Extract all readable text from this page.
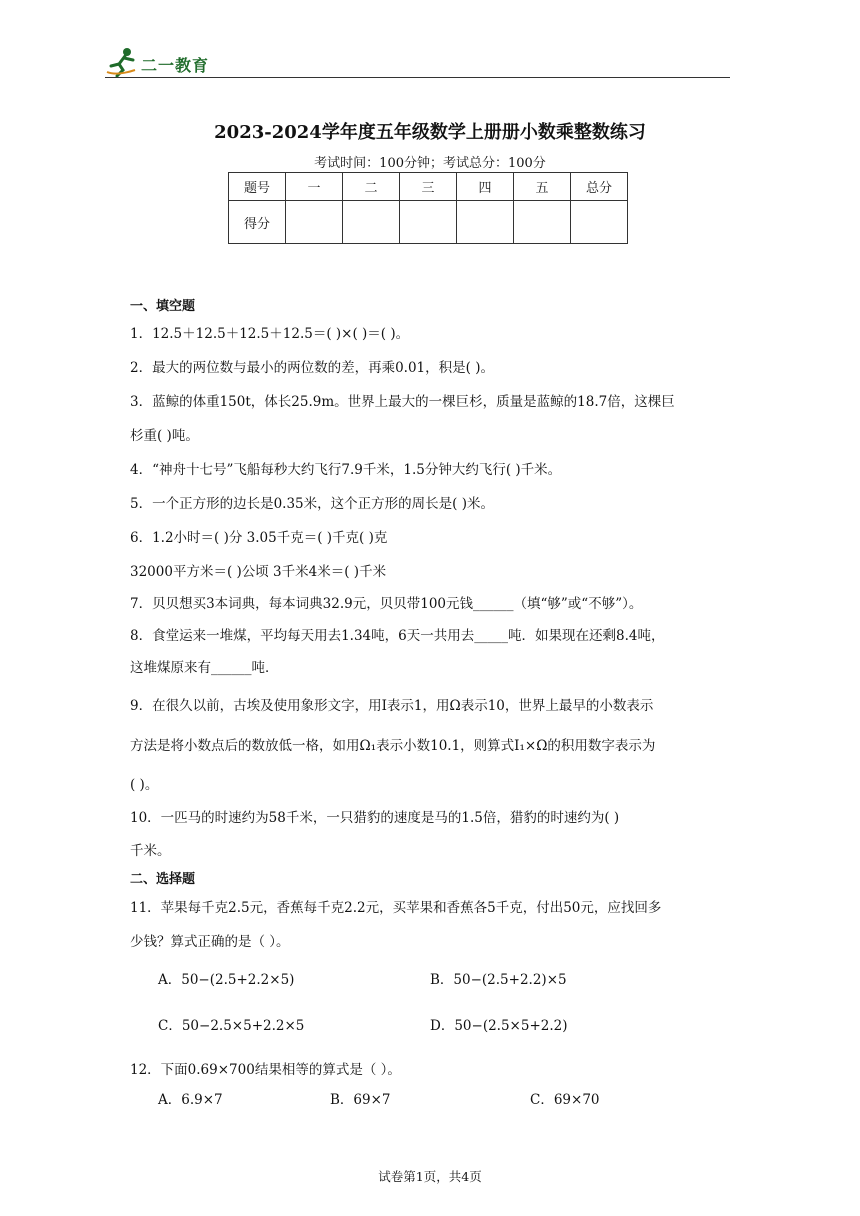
二一教育
2023-2024学年度五年级数学上册册小数乘整数练习
考试时间：100分钟；考试总分：100分
题号	一	二	三	四	五	总分
得分						
一、填空题
1．12.5＋12.5＋12.5＋12.5＝( )×( )＝( )。
2．最大的两位数与最小的两位数的差，再乘0.01，积是( )。
3．蓝鲸的体重150t，体长25.9m。世界上最大的一棵巨杉，质量是蓝鲸的18.7倍，这棵巨
杉重( )吨。
4．“神舟十七号”飞船每秒大约飞行7.9千米，1.5分钟大约飞行( )千米。
5．一个正方形的边长是0.35米，这个正方形的周长是( )米。
6．1.2小时＝( )分 3.05千克＝( )千克( )克
32000平方米＝( )公顷 3千米4米＝( )千米
7．贝贝想买3本词典，每本词典32.9元，贝贝带100元钱______（填“够”或“不够”）。
8．食堂运来一堆煤，平均每天用去1.34吨，6天一共用去_____吨．如果现在还剩8.4吨，
这堆煤原来有______吨．
9．在很久以前，古埃及使用象形文字，用I表示1，用Ω表示10，世界上最早的小数表示
方法是将小数点后的数放低一格，如用Ω₁表示小数10.1，则算式I₁×Ω的积用数字表示为
( )。
10．一匹马的时速约为58千米，一只猎豹的速度是马的1.5倍，猎豹的时速约为( )
千米。
二、选择题
11．苹果每千克2.5元，香蕉每千克2.2元，买苹果和香蕉各5千克，付出50元，应找回多
少钱？算式正确的是（ ）。
A．50−(2.5+2.2×5)	B．50−(2.5+2.2)×5
C．50−2.5×5+2.2×5	D．50−(2.5×5+2.2)
12．下面0.69×700结果相等的算式是（ ）。
A．6.9×7	B．69×7	C．69×70
试卷第1页，共4页
